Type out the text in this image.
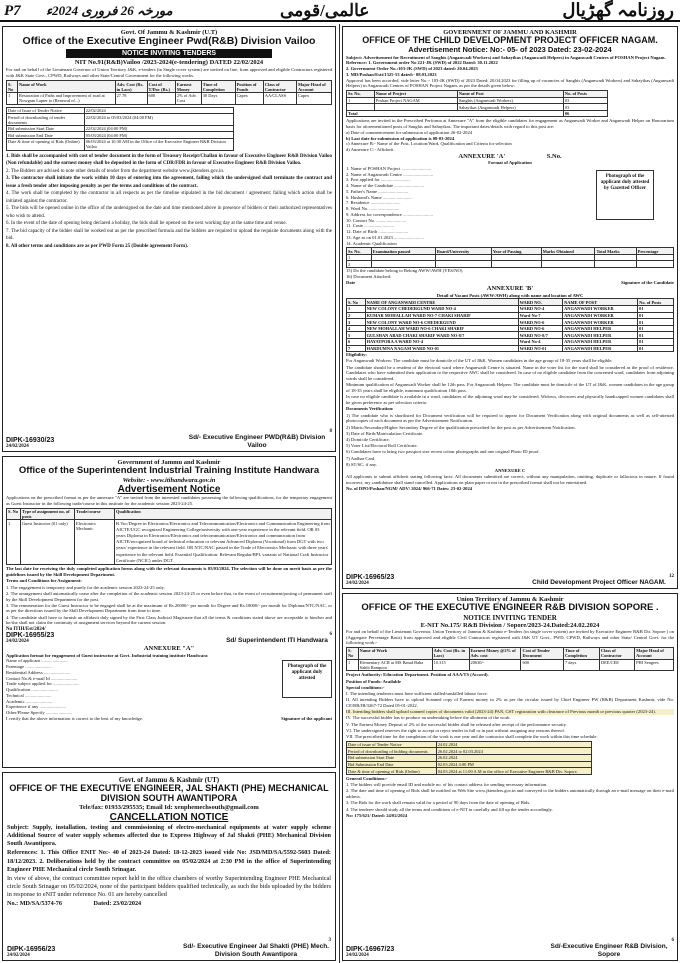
P7 مورخہ 26 فروری 2024ء	عالمی/قومی	روزنامہ گھڑیال
Govt. Of Jammu & Kashmir (U.T)
Office of the Executive Engineer Pwd(R&B) Division Vailoo
NOTICE INVITING TENDERS
NIT No.91(R&B)Vailoo /2023-2024(e-tendering) DATED 22/02/2024
For and on behalf of the Lieutenant Governor of Union Territory J&K, e-tenders (in Single cover system) are invited on line, from approved and eligible Contractors registered with J&K State Govt., CPWD, Railways and other State/Central Government for the following works.
S. No	Name of Work	Adv. Cost (Rs. in Lacs)	Cost of T/Doc (Rs.)	Earnest Money	Time of Completion	Position of Funds	Class of Contractor	Major Head of Account
1	Restoration of Paths and Improvement of road at Nowgam Lapter to (Renewal of...)	27.78	600	2% of Adv. Cost	30 Days	Capex	AA/CLASS	Capex
Date of Issue of Tender Notice	22/02/2024
Period of downloading of tender documents	22/02/2024 to 05/03/2024 (04:00 PM)
Bid submission Start Date	22/02/2024 (04:00 PM)
Bid submission End Date	05/03/2024 (04:00 PM)
Date & time of opening of Bids (Online)	06/03/2024 at 10:30 AM in the Office of the Executive Engineer R&B Division Vailoo

1. Bids shall be accompanied with cost of tender document in the form of Treasury Receipt/Challan in favour of Executive Engineer R&B Division Vailoo (Non refundable) and the earnest money shall be deposited in the form of CDR/FDR in favour of Executive Engineer R&B Division Vailoo.

2. The Bidders are advised to note other details of tender from the department website www.jktenders.gov.in.

3. The contractor shall initiate the work within 10 days of entering into the agreement, failing which the undersigned shall terminate the contract and issue a fresh tender after imposing penalty as per the terms and conditions of the contract.

4. The work shall be completed by the contractor in all respects as per the timeline stipulated in the bid document / agreement; failing which action shall be initiated against the contractor.

5. The bids will be opened online in the office of the undersigned on the date and time mentioned above in presence of bidders or their authorized representatives who wish to attend.

6. In the event of the date of opening being declared a holiday, the bids shall be opened on the next working day at the same time and venue.

7. The bid capacity of the bidder shall be worked out as per the prescribed formula and the bidders are required to upload the requisite documents along with the bid.

8. All other terms and conditions are as per PWD Form 25 (Double agreement Form).

DIPK-16930/23
24/02/2024
8
Sd/- Executive Engineer PWD(R&B) Division Vailoo
Government of Jammu and Kashmir
Office of the Superintendent Industrial Training Institute Handwara
Website: - www.itihandwara.gov.in
Advertisement Notice
Applications on the prescribed format as per the annexure "A" are invited from the interested candidates possessing the following qualifications, for the temporary engagement as Guest Instructor in the following trade/course in this institute for the academic session 2023-24-25.
S. No	Type of assignment no. of posts	Trade/course	Qualification
1	Guest Instructor (01 only)	Electronics Mechanic	B.Voc/Degree in Electronics/Electronics and Telecommunication/Electronics and Communication Engineering from AICTE/UGC recognized Engineering College/university with one-year experience in the relevant field. OR 03 years Diploma in Electronics/Electronics and telecommunication/Electronics and communication from AICTE/recognized board of technical education or relevant Advanced Diploma (Vocational) from DGT with two years' experience in the relevant field. OR NTC/NAC passed in the Trade of Electronics Mechanic with three years' experience in the relevant field. Essential Qualification: Relevant Regular/RPL variants of National Craft Instructor Certificate (NCIC) under DGT.

The last date for receiving the duly completed application forms along with the relevant documents is 05/03/2024. The selection will be done on merit basis as per the guidelines issued by the Skill Development Department.

Terms and Conditions for Assignment:

1. The engagement is temporary and purely for the academic session 2023-24-25 only.

2. The arrangement shall automatically cease after the completion of the academic session 2023-24-25 or even before that, in the event of recruitment/posting of permanent staff by the Skill Development Department for the post.

3. The remuneration for the Guest Instructor to be engaged shall be at the maximum of Rs.20000/- per month for Degree and Rs.18000/- per month for Diploma/NTC/NAC, or as per the directions issued by the Skill Development Department from time to time.

4. The candidate shall have to furnish an affidavit duly signed by the First Class Judicial Magistrate that all the terms & conditions stated above are acceptable to him/her and he/she shall not claim the continuity of assignment services beyond the current session.

No ITIH/Est/2024/
DIPK-16955/23
24/02/2024
6
Sd/ Superintendent ITI Handwara
ANNEXURE "A"
Application format for engagement of Guest instructor at Govt. Industrial training institute Handwara
Name of applicant .......................
Parentage .......................
Residential Address .......................
Contact No.& e-mail Id .......................
Trade subject applied for .......................
Qualification .......................
Technical .......................
Academic .......................
Experience if any .......................
Other/Please Specify .......................
Photograph of the applicant duly attested
I certify that the above information is correct to the best of my knowledge.	Signature of the applicant
Govt. of Jammu & Kashmir (UT)
OFFICE OF THE EXECUTIVE ENGINEER, JAL SHAKTI (PHE) MECHANICAL DIVISION SOUTH AWANTIPORA
Tele/fax: 01933/295535; Email Id: xenphemechsouth@gmail.com
CANCELLATION NOTICE
Subject: Supply, installation, testing and commissioning of electro-mechanical equipments at water supply scheme Additional Source of water supply schemes affected due to Express Highway of Jal Shakti (PHE) Mechanical Division South Awantipora.
References: 1. This Office ENIT No:- 40 of 2023-24 Dated: 18-12-2023 issued vide No: JSD/MD/SA/5592-5603 Dated: 18/12/2023. 2. Deliberations held by the contract committee on 05/02/2024 at 2:30 PM in the office of Superintending Engineer PHE Mechanical circle South Srinagar.
In view of above, the contract committee report held in the office chambers of worthy Superintending Engineer PHE Mechanical circle South Srinagar on 05/02/2024, none of the participant bidders qualified technically, as such the bids uploaded by the bidders in response to eNIT under reference No. 01 are hereby cancelled
No.: MD/SA/5374-76	Dated: 23/02/2024
DIPK-16956/23
24/02/2024
3
Sd/- Executive Engineer Jal Shakti (PHE) Mech. Division South Awantipora
GOVERNMENT OF JAMMU AND KASHMIR
OFFICE OF THE CHILD DEVELOPMENT PROJECT OFFICER NAGAM.
Advertisement Notice: No:- 05- of 2023 Dated: 23-02-2024
Subject: Advertisement for Recruitment of Sanghis (Anganwadi Workers) and Sahayikas (Anganwadi Helpers) in Anganwadi Centres of POSHAN Project Nagam.
Reference: 1. Government order No 221-JK (SWD) of 2022 Dated: 30.11.2022
2. Government Order No.:103-JK (SWD) of 2023 dated: 20.04.2023
3. MD/Poshan/Estt/1325-53 dated:- 08.03.2023
Approval has been accorded, vide letter No.:- 103-JK (SWD) of 2023 Dated: 20.04.2023 for filling up of vacancies of Sanghis (Anganwadi Workers) and Sahayikas (Anganwadi Helpers) in Anganwadi Centres of POSHAN Project Nagam, as per the details given below:
Sr. No.	Name of Project	Name of Post	No. of Posts
1	Poshan Project NAGAM	Sanghis (Anganwadi Workers)	03
		Sahayikas (Anganwadi Helpers)	03
Total			06
Applications are invited in the Prescribed Performa at Annexure "A" from the eligible candidates for engagement as Anganwadi Worker and Anganwadi Helper on Honorarium basis for aforementioned posts of Sanghis and Sahayikas. The important dates/details with regard to this post are:
a) Date of commencement for submission of application 26-02-2024
b) Last date for submission of application is 08-03-2024
c) Annexure B:- Name of the Post, Location/Ward, Qualification and Criteria for selection
d) Annexure C:- Affidavit.
ANNEXURE 'A'	S.No.
Format of Application
1. Name of POSHAN Project ..........................
2. Name of Anganwadi Centre ..........................
3. Post applied for ..........................
4. Name of the Candidate ..........................
5. Father's Name ..........................
6. Husband's Name ..........................
7. Residence ..........................
8. Ward No. ..........................
9. Address for correspondence ..........................
10. Contact No. ..........................
11. Caste ..........................
12. Date of Birth ..........................
13. Age as on 01.01.2023 ..........................
14. Academic Qualification
Photograph of the applicant duly attested by Gazetted Officer
Sr. No.	Examination passed	Board/University	Year of Passing	Marks Obtained	Total Marks	Percentage
1						
2						
15) Do the candidate belong to Belong AWW/AWH (YES/NO)
16) Document Attached:
Date	Signature of the Candidate
ANNEXURE 'B'
Detail of Vacant Posts (AWW/AWH) along with name and location of AWC
S. No	NAME OF ANGANWADI CENTRE	WARD NO.	NAME OF POST	No. of Posts
1	NEW COLONY CHEDERGUND WARD NO-4	WARD NO-4	ANGANWADI WORKER	01
2	KUMAR MOHALLAH WARD NO-7 CHAKI SHARIF	Ward No-7	ANGANWADI WORKER	01
3	NEW COLONY WARD NO-6 CHEDERGUND	WARD NO-6	ANGANWADI WORKER	01
4	NEW MOHALLAH WARD NO-6 CHAKI SHARIF	WARD NO-6	ANGANWADI HELPER	01
5	GULSHAN ABAD CHAKI SHARIF WARD NO-8/7	WARD NO-8/7	ANGANWADI HELPER	01
6	HAYATPORA A WARD NO-4	Ward No-4	ANGANWADI HELPER	01
7	HARDUMNA NAGAM WARD NO-01	WARD NO-01	ANGANWADI HELPER	01

Eligibility:

For Anganwadi Workers: The candidate must be domicile of the UT of J&K. Women candidates in the age group of 18-35 years shall be eligible.

The candidate should be a resident of the electoral ward where Anganwadi Centre is situated. Name in the voter list for the ward shall be considered as the proof of residence. Candidates who have submitted their application to the respective AWC shall be considered. In case of no eligible candidate from the concerned ward, candidates from adjoining wards shall be considered.

Minimum qualification of Anganwadi Worker shall be 12th pass. For Anganwadi Helpers: The candidate must be domicile of the UT of J&K, women candidates in the age group of 18-35 years shall be eligible, minimum qualification 10th pass.

In case no eligible candidate is available in a ward, candidates of the adjoining ward may be considered. Widows, divorcees and physically handicapped women candidates shall be given preference as per selection criteria.

Documents Verification:

1) The candidate who is shortlisted for Document verification will be required to appear for Document Verification along with original documents as well as self-attested photocopies of each document as per the Advertisement Notification.

2) Matric/Secondary/Higher Secondary Degree of the qualification prescribed for the post as per Advertisement Notification.

3) Date of Birth/Matriculation Certificate.

4) Domicile Certificate.

5) Voter List/Electoral Roll Certificate.

6) Candidates have to bring two passport size recent colour photographs and one original Photo ID proof.

7) Aadhar Card.

8) ST/SC, if any.

ANNEXURE C

All applicants to submit affidavit stating following facts: All documents submitted are correct, without any manipulation, omitting, duplicate or fallacious in nature. If found incorrect, my candidature shall stand cancelled. Applications on plain paper or not in the prescribed format shall not be entertained.

No. of DPO/Poshan/NGM/ ADV/ 2024/ 966-71 Dates: 23-02-2024

DIPK-16965/23
24/02/2024
12
Child Development Project Officer NAGAM.
Union Territory of Jammu & Kashmir
OFFICE OF THE EXECUTIVE ENGINEER R&B DIVISION SOPORE .
NOTICE INVITING TENDER
E-NIT No.175/ R&B Division / Sopore/2023-24.Dated:24.02.2024
For and on behalf of the Lieutenant Governor, Union Territory of Jammu & Kashmir e-Tenders (in single cover system) are invited by Executive Engineer R&B Dir. Sopore ) on (Aggregate Percentage Basis) from approved and eligible Civil Contractors registered with J&K UT Govt., PWD, CPWD, Railways and other State/ Central Govt. for the following work:-
S. No	Name of Work	Adv. Cost (Rs. in Lacs)	Earnest Money @2% of Adv. cost	Cost of Tender Document	Time of Completion	Class of Contractor	Major Head of Account
1	Elementary ACR at MS Batud Baba Sahib Rampora	10.315	20630/-	600	7 days	DEE/CEE	PHI Sengees

Project Authority: Education Department. Position of AAA/TS (Accord).

Position of Funds: Available

Special conditions:-

I. The intending tenderers must have sufficient skilled/unskilled labour force.

II. All intending Bidders have to upload Scanned copy of Earnest money in 2% as per the circular issued by Chief Engineer PW (R&B) Department Kashmir, vide No. CE/RB/JB/3267-72 Dated 05-01-2022.

III. Intending bidders shall upload scanned copies of documents valid (2023-24) PAN, GST registration with clearance of Previous month or previous quarter (2023-24).

IV. The successful bidder has to produce an undertaking before the allotment of the work.

V. The Earnest Money Deposit of 2% of the successful bidder shall be released after receipt of the performance security.

VI. The undersigned reserves the right to accept or reject tender in full or in part without assigning any reasons thereof.

VII. The prescribed time for the completion of the work is one year and the contractor shall complete the work within this time schedule.

Date of issue of Tender Notice	24.02.2024
Period of downloading of bidding documents	26.02.2024 to 02.03.2024
Bid submission Start Date	26.02.2024
Bid Submission End Date	02.03.2024 4:00 PM
Date & time of opening of Bids (Online)	04.03.2024 at 11:00 A.M in the office of Executive Engineer R&B Div. Sopore.

General Conditions:-

1. The bidders will provide email ID and mobile no. of his contact address for sending necessary information.

2. The date and time of opening of Bids shall be notified on Web Site www.jktenders.gov.in and conveyed to the bidders automatically through an e-mail message on their e-mail address.

3. The Bids for the work shall remain valid for a period of 90 days from the date of opening of Bids.

4. The tenderer should study all the terms and conditions of e-NIT in carefully and fill up the tender accordingly.

No: 175/621/ Dated: 24/02/2024

DIPK-16967/23
24/02/2024
6
Sd/-Executive Engineer R&B Division, Sopore
